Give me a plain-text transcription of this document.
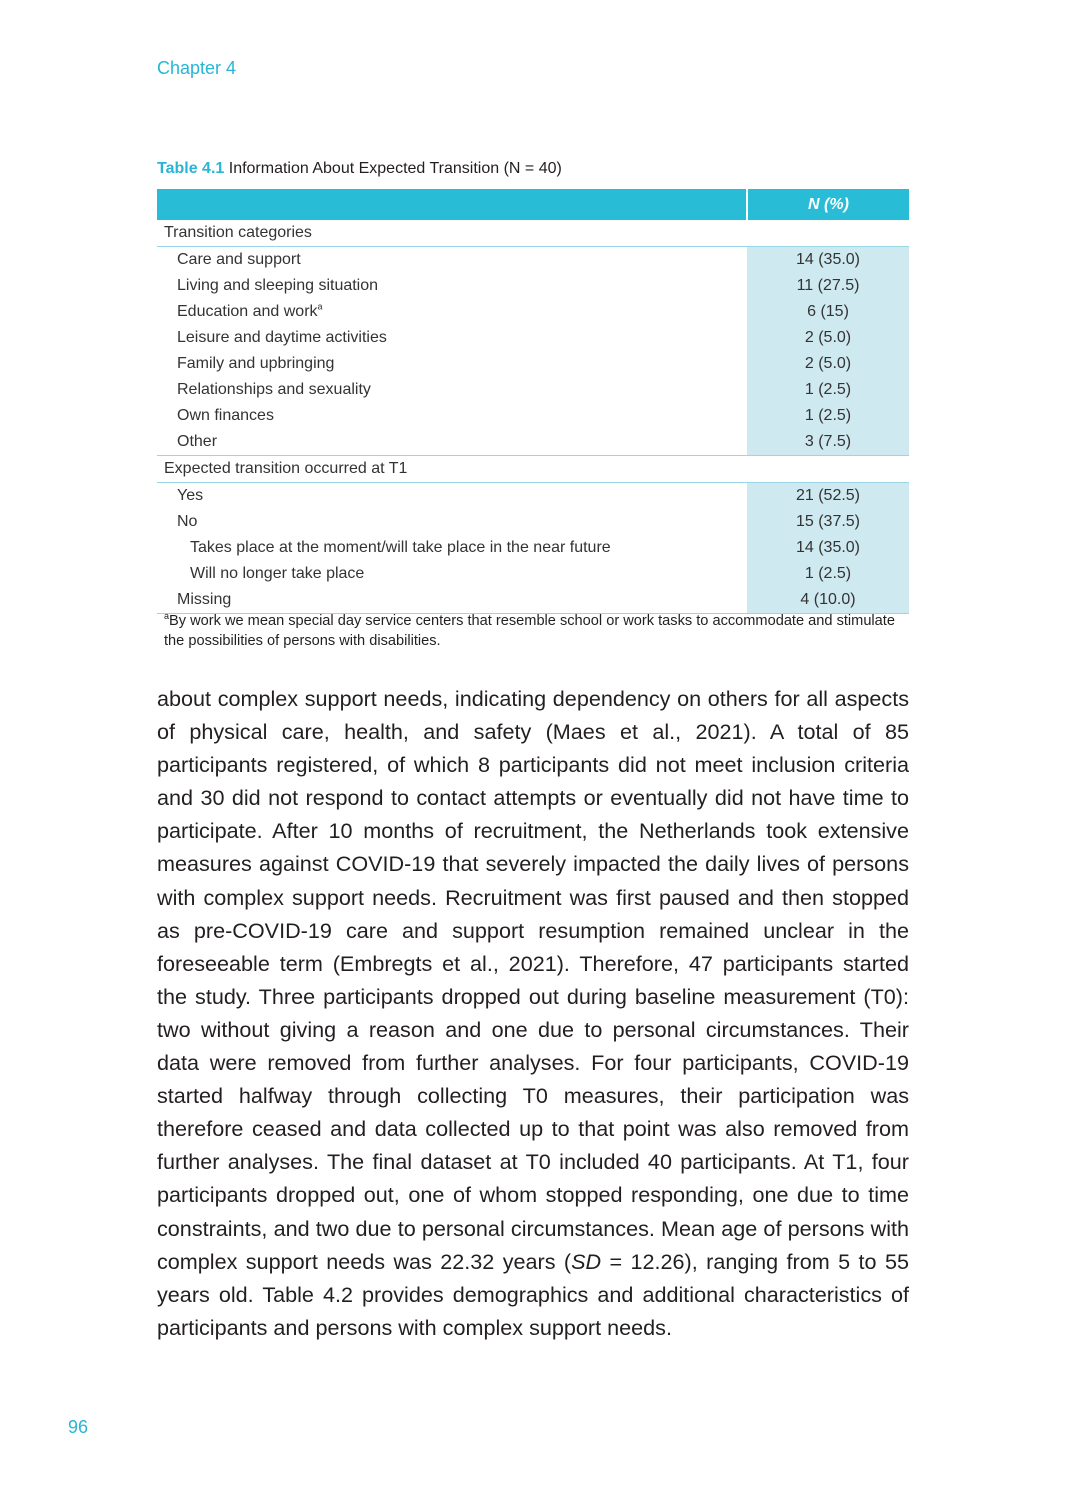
Chapter 4
Table 4.1 Information About Expected Transition (N = 40)
	N (%)
Transition categories	
Care and support	14 (35.0)
Living and sleeping situation	11 (27.5)
Education and work$^a$	6 (15)
Leisure and daytime activities	2 (5.0)
Family and upbringing	2 (5.0)
Relationships and sexuality	1 (2.5)
Own finances	1 (2.5)
Other	3 (7.5)
Expected transition occurred at T1	
Yes	21 (52.5)
No	15 (37.5)
Takes place at the moment/will take place in the near future	14 (35.0)
Will no longer take place	1 (2.5)
Missing	4 (10.0)
$^a$By work we mean special day service centers that resemble school or work tasks to accommodate and stimulate the possibilities of persons with disabilities.
about complex support needs, indicating dependency on others for all aspects of physical care, health, and safety (Maes et al., 2021). A total of 85 participants registered, of which 8 participants did not meet inclusion criteria and 30 did not respond to contact attempts or eventually did not have time to participate. After 10 months of recruitment, the Netherlands took extensive measures against COVID-19 that severely impacted the daily lives of persons with complex support needs. Recruitment was first paused and then stopped as pre-COVID-19 care and support resumption remained unclear in the foreseeable term (Embregts et al., 2021). Therefore, 47 participants started the study. Three participants dropped out during baseline measurement (T0): two without giving a reason and one due to personal circumstances. Their data were removed from further analyses. For four participants, COVID-19 started halfway through collecting T0 measures, their participation was therefore ceased and data collected up to that point was also removed from further analyses. The final dataset at T0 included 40 participants. At T1, four participants dropped out, one of whom stopped responding, one due to time constraints, and two due to personal circumstances. Mean age of persons with complex support needs was 22.32 years (SD = 12.26), ranging from 5 to 55 years old. Table 4.2 provides demographics and additional characteristics of participants and persons with complex support needs.
96
